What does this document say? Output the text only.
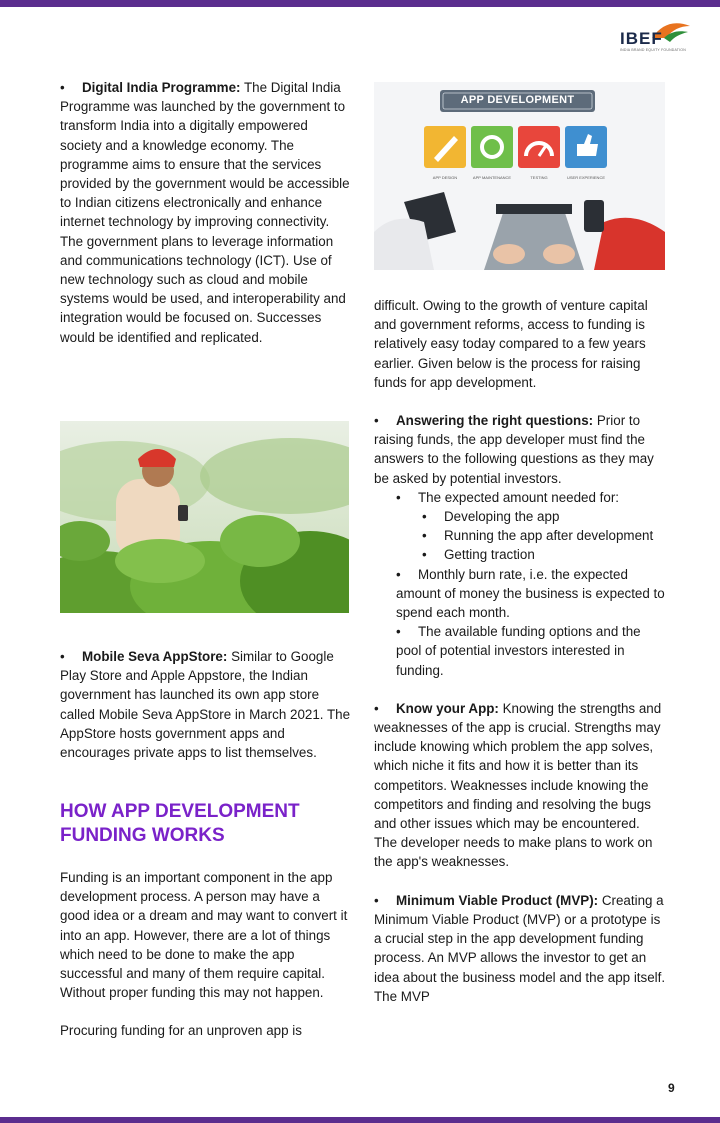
IBEF
INDIA BRAND EQUITY FOUNDATION

• Digital India Programme: The Digital India Programme was launched by the government to transform India into a digitally empowered society and a knowledge economy. The programme aims to ensure that the services provided by the government would be accessible to Indian citizens electronically and enhance internet technology by improving connectivity. The government plans to leverage information and communications technology (ICT). Use of new technology such as cloud and mobile systems would be used, and interoperability and integration would be focused on. Successes would be identified and replicated.

• Mobile Seva AppStore: Similar to Google Play Store and Apple Appstore, the Indian government has launched its own app store called Mobile Seva AppStore in March 2021. The AppStore hosts government apps and encourages private apps to list themselves.

HOW APP DEVELOPMENT FUNDING WORKS

Funding is an important component in the app development process. A person may have a good idea or a dream and may want to convert it into an app. However, there are a lot of things which need to be done to make the app successful and many of them require capital. Without proper funding this may not happen.

Procuring funding for an unproven app is

APP DEVELOPMENT
APP DESIGN	APP MAINTENANCE	TESTING	USER EXPERIENCE

difficult. Owing to the growth of venture capital and government reforms, access to funding is relatively easy today compared to a few years earlier. Given below is the process for raising funds for app development.

• Answering the right questions: Prior to raising funds, the app developer must find the answers to the following questions as they may be asked by potential investors.

• The expected amount needed for:

•	Developing the app

•	Running the app after development

•	Getting traction

• Monthly burn rate, i.e. the expected amount of money the business is expected to spend each month.

• The available funding options and the pool of potential investors interested in funding.

• Know your App: Knowing the strengths and weaknesses of the app is crucial. Strengths may include knowing which problem the app solves, which niche it fits and how it is better than its competitors. Weaknesses include knowing the competitors and finding and resolving the bugs and other issues which may be encountered. The developer needs to make plans to work on the app's weaknesses.

• Minimum Viable Product (MVP): Creating a Minimum Viable Product (MVP) or a prototype is a crucial step in the app development funding process. An MVP allows the investor to get an idea about the business model and the app itself. The MVP

9
